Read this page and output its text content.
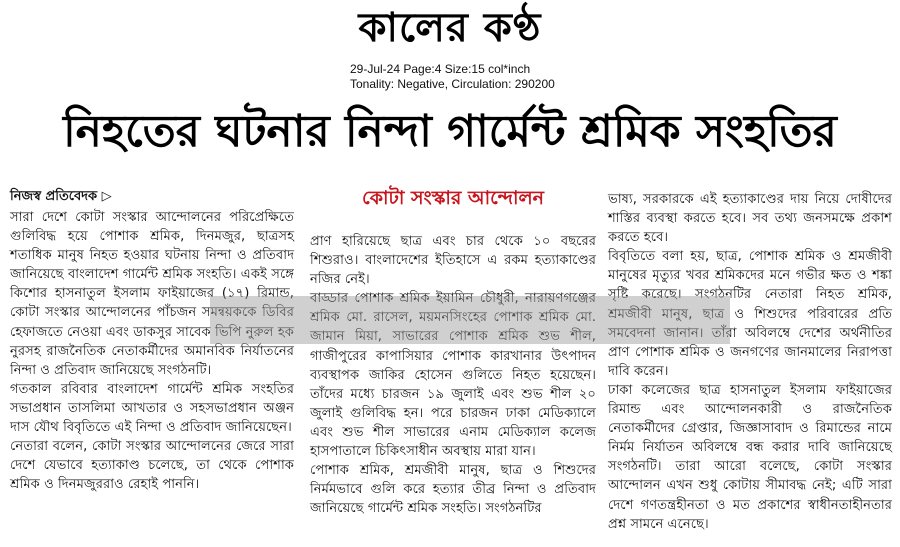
কালের কণ্ঠ
29-Jul-24 Page:4 Size:15 col*inch
Tonality: Negative, Circulation: 290200
নিহতের ঘটনার নিন্দা গার্মেন্ট শ্রমিক সংহতির
কোটা সংস্কার আন্দোলন
নিজস্ব প্রতিবেদক ▷

সারা দেশে কোটা সংস্কার আন্দোলনের পরিপ্রেক্ষিতে গুলিবিদ্ধ হয়ে পোশাক শ্রমিক, দিনমজুর, ছাত্রসহ শতাধিক মানুষ নিহত হওয়ার ঘটনায় নিন্দা ও প্রতিবাদ জানিয়েছে বাংলাদেশ গার্মেন্ট শ্রমিক সংহতি। একই সঙ্গে কিশোর হাসনাতুল ইসলাম ফাইয়াজের (১৭) রিমান্ড, কোটা সংস্কার আন্দোলনের পাঁচজন সমন্বয়ককে ডিবির হেফাজতে নেওয়া এবং ডাকসুর সাবেক ভিপি নুরুল হক নুরসহ রাজনৈতিক নেতাকর্মীদের অমানবিক নির্যাতনের নিন্দা ও প্রতিবাদ জানিয়েছে সংগঠনটি।

গতকাল রবিবার বাংলাদেশ গার্মেন্ট শ্রমিক সংহতির সভাপ্রধান তাসলিমা আখতার ও সহসভাপ্রধান অঞ্জন দাস যৌথ বিবৃতিতে এই নিন্দা ও প্রতিবাদ জানিয়েছেন।

নেতারা বলেন, কোটা সংস্কার আন্দোলনের জেরে সারা দেশে যেভাবে হত্যাকাণ্ড চলেছে, তা থেকে পোশাক শ্রমিক ও দিনমজুররাও রেহাই পাননি।

প্রাণ হারিয়েছে ছাত্র এবং চার থেকে ১০ বছরের শিশুরাও। বাংলাদেশের ইতিহাসে এ রকম হত্যাকাণ্ডের নজির নেই।

বাড্ডার পোশাক শ্রমিক ইয়ামিন চৌধুরী, নারায়ণগঞ্জের শ্রমিক মো. রাসেল, ময়মনসিংহের পোশাক শ্রমিক মো. জামান মিয়া, সাভারের পোশাক শ্রমিক শুভ শীল, গাজীপুরের কাপাসিয়ার পোশাক কারখানার উৎপাদন ব্যবস্থাপক জাকির হোসেন গুলিতে নিহত হয়েছেন। তাঁদের মধ্যে চারজন ১৯ জুলাই এবং শুভ শীল ২০ জুলাই গুলিবিদ্ধ হন। পরে চারজন ঢাকা মেডিক্যালে এবং শুভ শীল সাভারের এনাম মেডিক্যাল কলেজ হাসপাতালে চিকিৎসাধীন অবস্থায় মারা যান।

পোশাক শ্রমিক, শ্রমজীবী মানুষ, ছাত্র ও শিশুদের নির্মমভাবে গুলি করে হত্যার তীব্র নিন্দা ও প্রতিবাদ জানিয়েছে গার্মেন্ট শ্রমিক সংহতি। সংগঠনটির

ভাষ্য, সরকারকে এই হত্যাকাণ্ডের দায় নিয়ে দোষীদের শাস্তির ব্যবস্থা করতে হবে। সব তথ্য জনসমক্ষে প্রকাশ করতে হবে।

বিবৃতিতে বলা হয়, ছাত্র, পোশাক শ্রমিক ও শ্রমজীবী মানুষের মৃত্যুর খবর শ্রমিকদের মনে গভীর ক্ষত ও শঙ্কা সৃষ্টি করেছে। সংগঠনটির নেতারা নিহত শ্রমিক, শ্রমজীবী মানুষ, ছাত্র ও শিশুদের পরিবারের প্রতি সমবেদনা জানান। তাঁরা অবিলম্বে দেশের অর্থনীতির প্রাণ পোশাক শ্রমিক ও জনগণের জানমালের নিরাপত্তা দাবি করেন।

ঢাকা কলেজের ছাত্র হাসনাতুল ইসলাম ফাইয়াজের রিমান্ড এবং আন্দোলনকারী ও রাজনৈতিক নেতাকর্মীদের গ্রেপ্তার, জিজ্ঞাসাবাদ ও রিমান্ডের নামে নির্মম নির্যাতন অবিলম্বে বন্ধ করার দাবি জানিয়েছে সংগঠনটি। তারা আরো বলেছে, কোটা সংস্কার আন্দোলন এখন শুধু কোটায় সীমাবদ্ধ নেই; এটি সারা দেশে গণতন্ত্রহীনতা ও মত প্রকাশের স্বাধীনতাহীনতার প্রশ্ন সামনে এনেছে।
